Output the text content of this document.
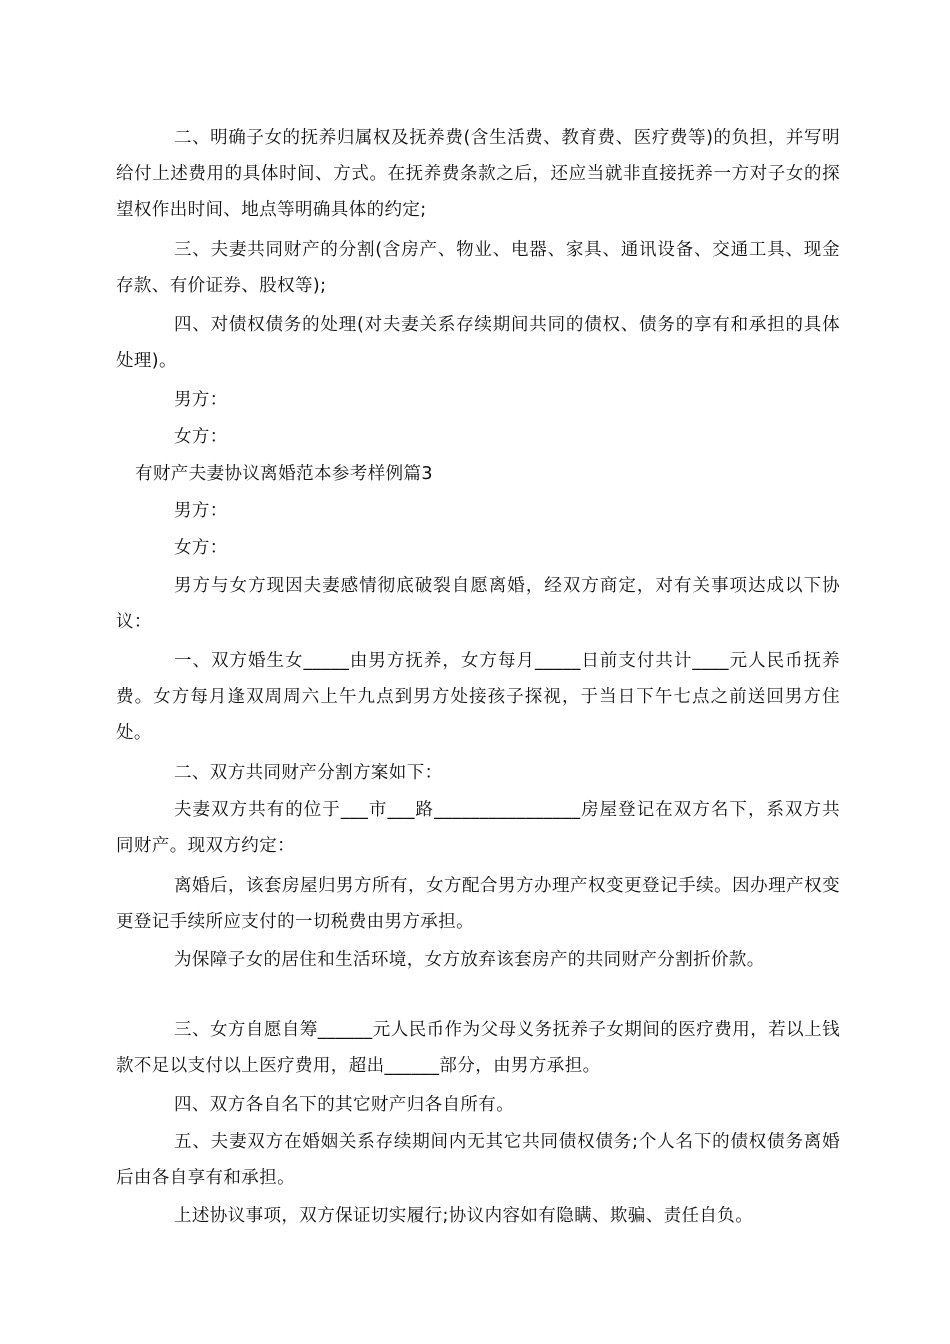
二、明确子女的抚养归属权及抚养费(含生活费、教育费、医疗费等)的负担，并写明给付上述费用的具体时间、方式。在抚养费条款之后，还应当就非直接抚养一方对子女的探望权作出时间、地点等明确具体的约定;
三、夫妻共同财产的分割(含房产、物业、电器、家具、通讯设备、交通工具、现金存款、有价证券、股权等);
四、对债权债务的处理(对夫妻关系存续期间共同的债权、债务的享有和承担的具体处理)。
男方：
女方：
有财产夫妻协议离婚范本参考样例篇3
男方：
女方：
男方与女方现因夫妻感情彻底破裂自愿离婚，经双方商定，对有关事项达成以下协议：
一、双方婚生女_____由男方抚养，女方每月_____日前支付共计____元人民币抚养费。女方每月逢双周周六上午九点到男方处接孩子探视，于当日下午七点之前送回男方住处。
二、双方共同财产分割方案如下：
夫妻双方共有的位于___市___路________________房屋登记在双方名下，系双方共同财产。现双方约定：
离婚后，该套房屋归男方所有，女方配合男方办理产权变更登记手续。因办理产权变更登记手续所应支付的一切税费由男方承担。
为保障子女的居住和生活环境，女方放弃该套房产的共同财产分割折价款。
三、女方自愿自筹______元人民币作为父母义务抚养子女期间的医疗费用，若以上钱款不足以支付以上医疗费用，超出______部分，由男方承担。
四、双方各自名下的其它财产归各自所有。
五、夫妻双方在婚姻关系存续期间内无其它共同债权债务;个人名下的债权债务离婚后由各自享有和承担。
上述协议事项，双方保证切实履行;协议内容如有隐瞒、欺骗、责任自负。
